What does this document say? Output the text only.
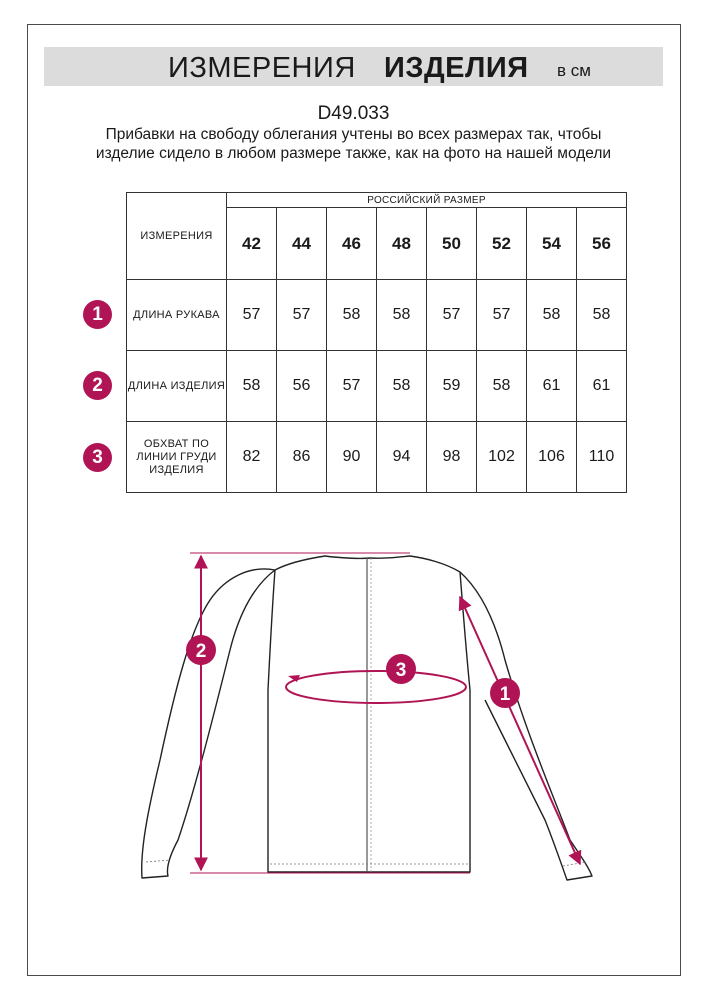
ИЗМЕРЕНИЯ ИЗДЕЛИЯ в см
D49.033
Прибавки на свободу облегания учтены во всех размерах так, чтобы изделие сидело в любом размере также, как на фото на нашей модели
ИЗМЕРЕНИЯ	РОССИЙСКИЙ РАЗМЕР							
	42	44	46	48	50	52	54	56
ДЛИНА РУКАВА	57	57	58	58	57	57	58	58
ДЛИНА ИЗДЕЛИЯ	58	56	57	58	59	58	61	61
ОБХВАТ ПО ЛИНИИ ГРУДИ ИЗДЕЛИЯ	82	86	90	94	98	102	106	110
1
2
3
2
3
1
